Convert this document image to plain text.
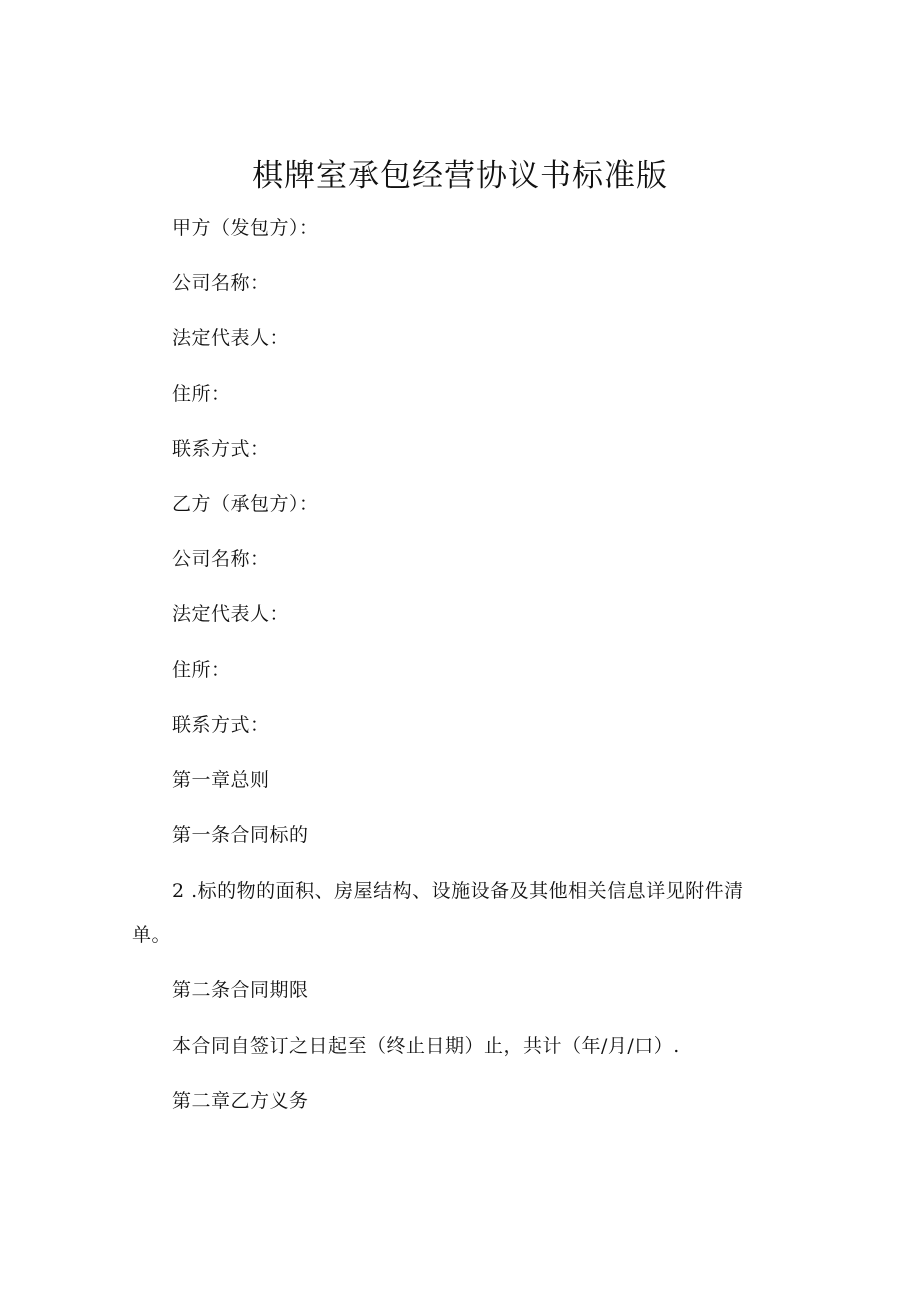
棋牌室承包经营协议书标准版
甲方（发包方）：
公司名称：
法定代表人：
住所：
联系方式：
乙方（承包方）：
公司名称：
法定代表人：
住所：
联系方式：
第一章总则
第一条合同标的
2 .标的物的面积、房屋结构、设施设备及其他相关信息详见附件清
单。
第二条合同期限
本合同自签订之日起至（终止日期）止，共计（年/月/口）.
第二章乙方义务
